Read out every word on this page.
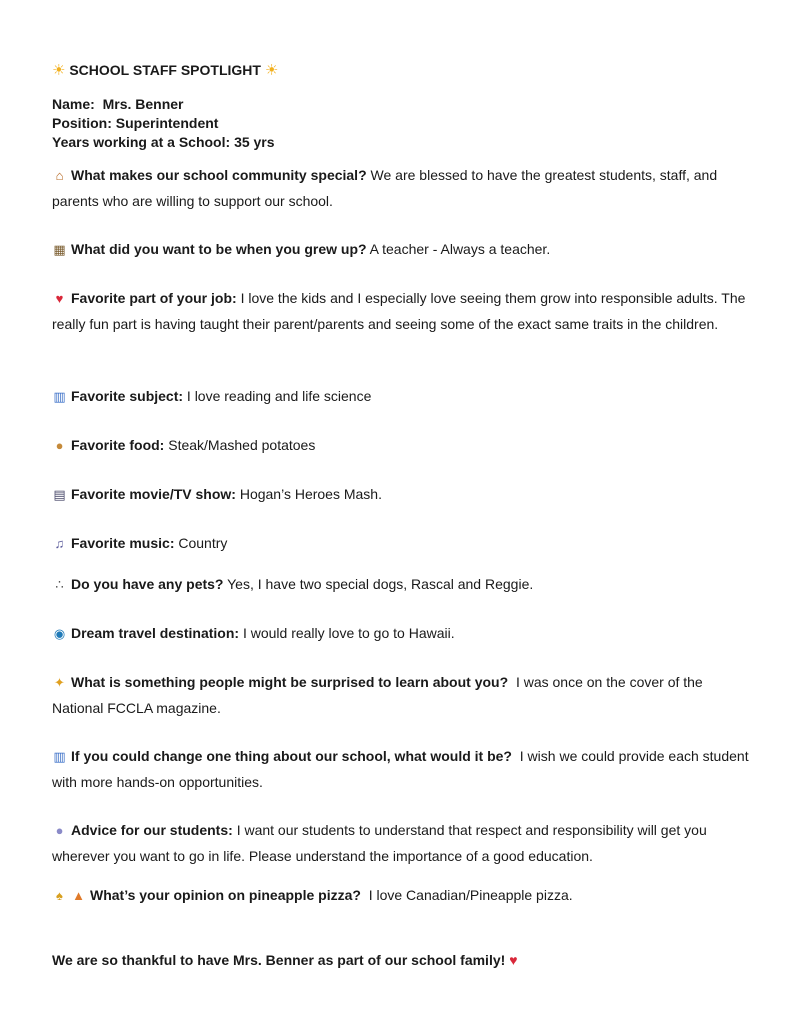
☀ SCHOOL STAFF SPOTLIGHT ☀
Name: Mrs. Benner
Position: Superintendent
Years working at a School: 35 yrs
⌂ What makes our school community special? We are blessed to have the greatest students, staff, and parents who are willing to support our school.
▦ What did you want to be when you grew up? A teacher - Always a teacher.
♥ Favorite part of your job: I love the kids and I especially love seeing them grow into responsible adults. The really fun part is having taught their parent/parents and seeing some of the exact same traits in the children.
▥ Favorite subject: I love reading and life science
● Favorite food: Steak/Mashed potatoes
▤ Favorite movie/TV show: Hogan’s Heroes Mash.
♫ Favorite music: Country
∴ Do you have any pets? Yes, I have two special dogs, Rascal and Reggie.
◉ Dream travel destination: I would really love to go to Hawaii.
✦ What is something people might be surprised to learn about you? I was once on the cover of the National FCCLA magazine.
▥ If you could change one thing about our school, what would it be? I wish we could provide each student with more hands-on opportunities.
● Advice for our students: I want our students to understand that respect and responsibility will get you wherever you want to go in life. Please understand the importance of a good education.
♠ ▲ What’s your opinion on pineapple pizza? I love Canadian/Pineapple pizza.
We are so thankful to have Mrs. Benner as part of our school family! ♥
